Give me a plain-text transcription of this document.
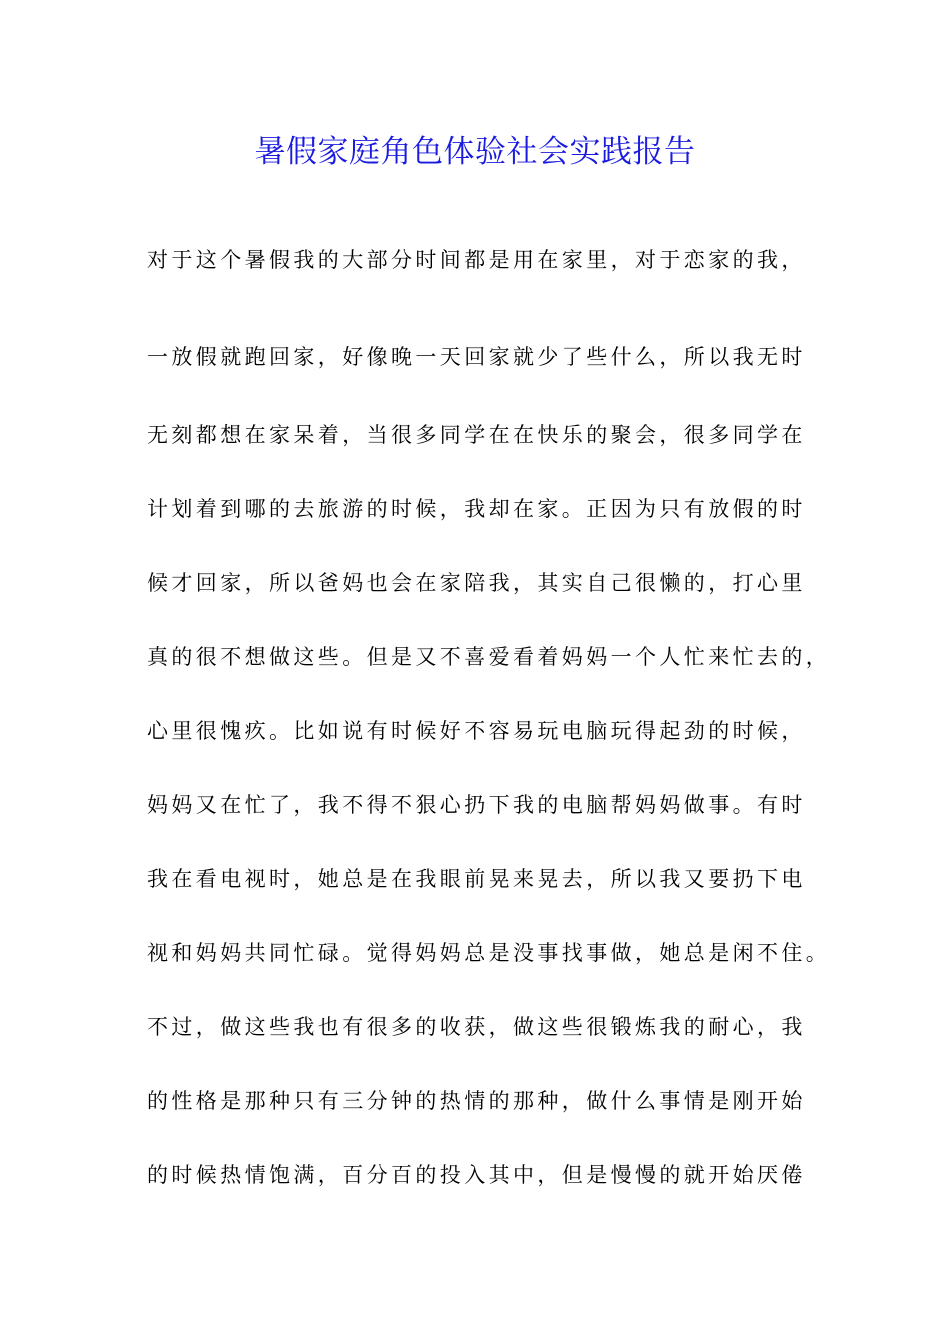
暑假家庭角色体验社会实践报告
对于这个暑假我的大部分时间都是用在家里，对于恋家的我，
一放假就跑回家，好像晚一天回家就少了些什么，所以我无时
无刻都想在家呆着，当很多同学在在快乐的聚会，很多同学在
计划着到哪的去旅游的时候，我却在家。正因为只有放假的时
候才回家，所以爸妈也会在家陪我，其实自己很懒的，打心里
真的很不想做这些。但是又不喜爱看着妈妈一个人忙来忙去的，
心里很愧疚。比如说有时候好不容易玩电脑玩得起劲的时候，
妈妈又在忙了，我不得不狠心扔下我的电脑帮妈妈做事。有时
我在看电视时，她总是在我眼前晃来晃去，所以我又要扔下电
视和妈妈共同忙碌。觉得妈妈总是没事找事做，她总是闲不住。
不过，做这些我也有很多的收获，做这些很锻炼我的耐心，我
的性格是那种只有三分钟的热情的那种，做什么事情是刚开始
的时候热情饱满，百分百的投入其中，但是慢慢的就开始厌倦
